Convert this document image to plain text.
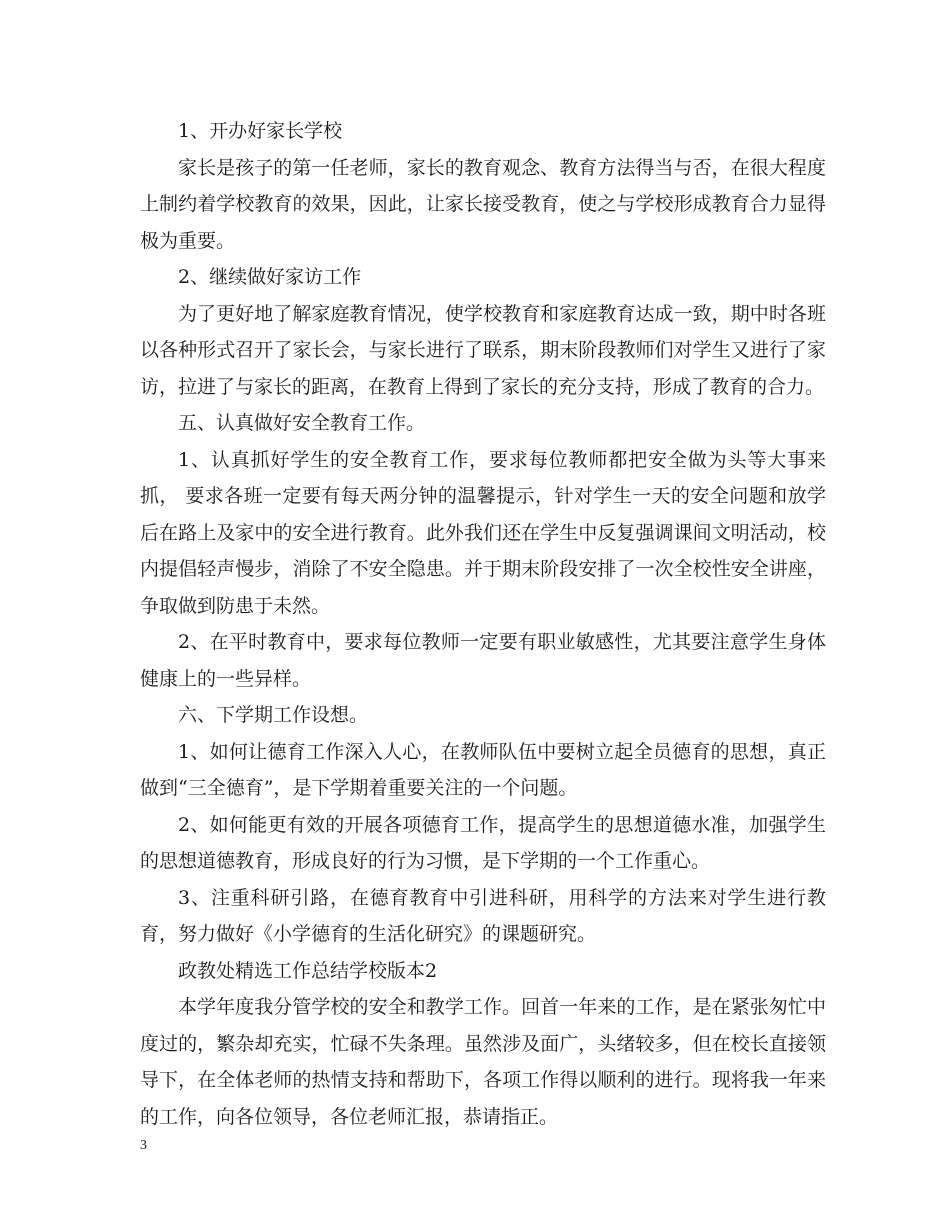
1、开办好家长学校

家长是孩子的第一任老师，家长的教育观念、教育方法得当与否，在很大程度上制约着学校教育的效果，因此，让家长接受教育，使之与学校形成教育合力显得极为重要。

2、继续做好家访工作

为了更好地了解家庭教育情况，使学校教育和家庭教育达成一致，期中时各班以各种形式召开了家长会，与家长进行了联系，期末阶段教师们对学生又进行了家访，拉进了与家长的距离，在教育上得到了家长的充分支持，形成了教育的合力。

五、认真做好安全教育工作。

1、认真抓好学生的安全教育工作，要求每位教师都把安全做为头等大事来抓， 要求各班一定要有每天两分钟的温馨提示，针对学生一天的安全问题和放学后在路上及家中的安全进行教育。此外我们还在学生中反复强调课间文明活动，校内提倡轻声慢步，消除了不安全隐患。并于期末阶段安排了一次全校性安全讲座，争取做到防患于未然。

2、在平时教育中，要求每位教师一定要有职业敏感性，尤其要注意学生身体健康上的一些异样。

六、下学期工作设想。

1、如何让德育工作深入人心，在教师队伍中要树立起全员德育的思想，真正做到“三全德育”，是下学期着重要关注的一个问题。

2、如何能更有效的开展各项德育工作，提高学生的思想道德水准，加强学生的思想道德教育，形成良好的行为习惯，是下学期的一个工作重心。

3、注重科研引路，在德育教育中引进科研，用科学的方法来对学生进行教育，努力做好《小学德育的生活化研究》的课题研究。

政教处精选工作总结学校版本2

本学年度我分管学校的安全和教学工作。回首一年来的工作，是在紧张匆忙中度过的，繁杂却充实，忙碌不失条理。虽然涉及面广，头绪较多，但在校长直接领导下，在全体老师的热情支持和帮助下，各项工作得以顺利的进行。现将我一年来的工作，向各位领导，各位老师汇报，恭请指正。

3
